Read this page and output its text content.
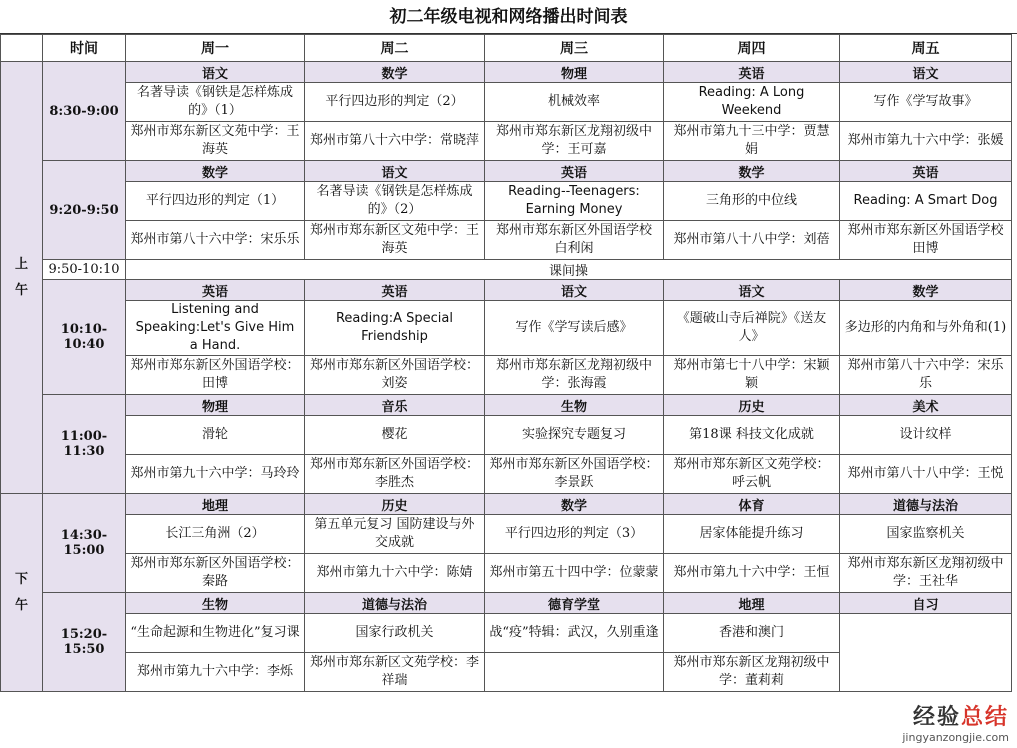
初二年级电视和网络播出时间表
	时间	周一	周二	周三	周四	周五

上
午	8:30-9:00	语文	数学	物理	英语	语文
		名著导读《钢铁是怎样炼成的》（1）	平行四边形的判定（2）	机械效率	Reading: A Long Weekend	写作《学写故事》
		郑州市郑东新区文苑中学：王海英	郑州市第八十六中学：常晓萍	郑州市郑东新区龙翔初级中学：王可嘉	郑州市第九十三中学：贾慧娟	郑州市第九十六中学：张媛
	9:20-9:50	数学	语文	英语	数学	英语
		平行四边形的判定（1）	名著导读《钢铁是怎样炼成的》（2）	Reading--Teenagers: Earning Money	三角形的中位线	Reading: A Smart Dog
		郑州市第八十六中学：宋乐乐	郑州市郑东新区文苑中学：王海英	郑州市郑东新区外国语学校 白利闲	郑州市第八十八中学：刘蓓	郑州市郑东新区外国语学校 田博
	9:50-10:10	课间操				
	10:10-10:40	英语	英语	语文	语文	数学
		Listening and Speaking:Let's Give Him a Hand.	Reading:A Special Friendship	写作《学写读后感》	《题破山寺后禅院》《送友人》	多边形的内角和与外角和(1)
		郑州市郑东新区外国语学校：田博	郑州市郑东新区外国语学校：刘姿	郑州市郑东新区龙翔初级中学：张海霞	郑州市第七十八中学：宋颖颖	郑州市第八十六中学：宋乐乐
	11:00-11:30	物理	音乐	生物	历史	美术
		滑轮	樱花	实验探究专题复习	第18课 科技文化成就	设计纹样
		郑州市第九十六中学：马玲玲	郑州市郑东新区外国语学校：李胜杰	郑州市郑东新区外国语学校：李景跃	郑州市郑东新区文苑学校：呼云帆	郑州市第八十八中学：王悦

下
午	14:30-15:00	地理	历史	数学	体育	道德与法治
		长江三角洲（2）	第五单元复习 国防建设与外交成就	平行四边形的判定（3）	居家体能提升练习	国家监察机关
		郑州市郑东新区外国语学校：秦路	郑州市第九十六中学：陈婧	郑州市第五十四中学：位蒙蒙	郑州市第九十六中学：王恒	郑州市郑东新区龙翔初级中学：王社华
	15:20-15:50	生物	道德与法治	德育学堂	地理	自习
		“生命起源和生物进化”复习课	国家行政机关	战“疫”特辑：武汉，久别重逢	香港和澳门	
		郑州市第九十六中学：李烁	郑州市郑东新区文苑学校：李祥瑞		郑州市郑东新区龙翔初级中学：董莉莉	
经验总结
jingyanzongjie.com
